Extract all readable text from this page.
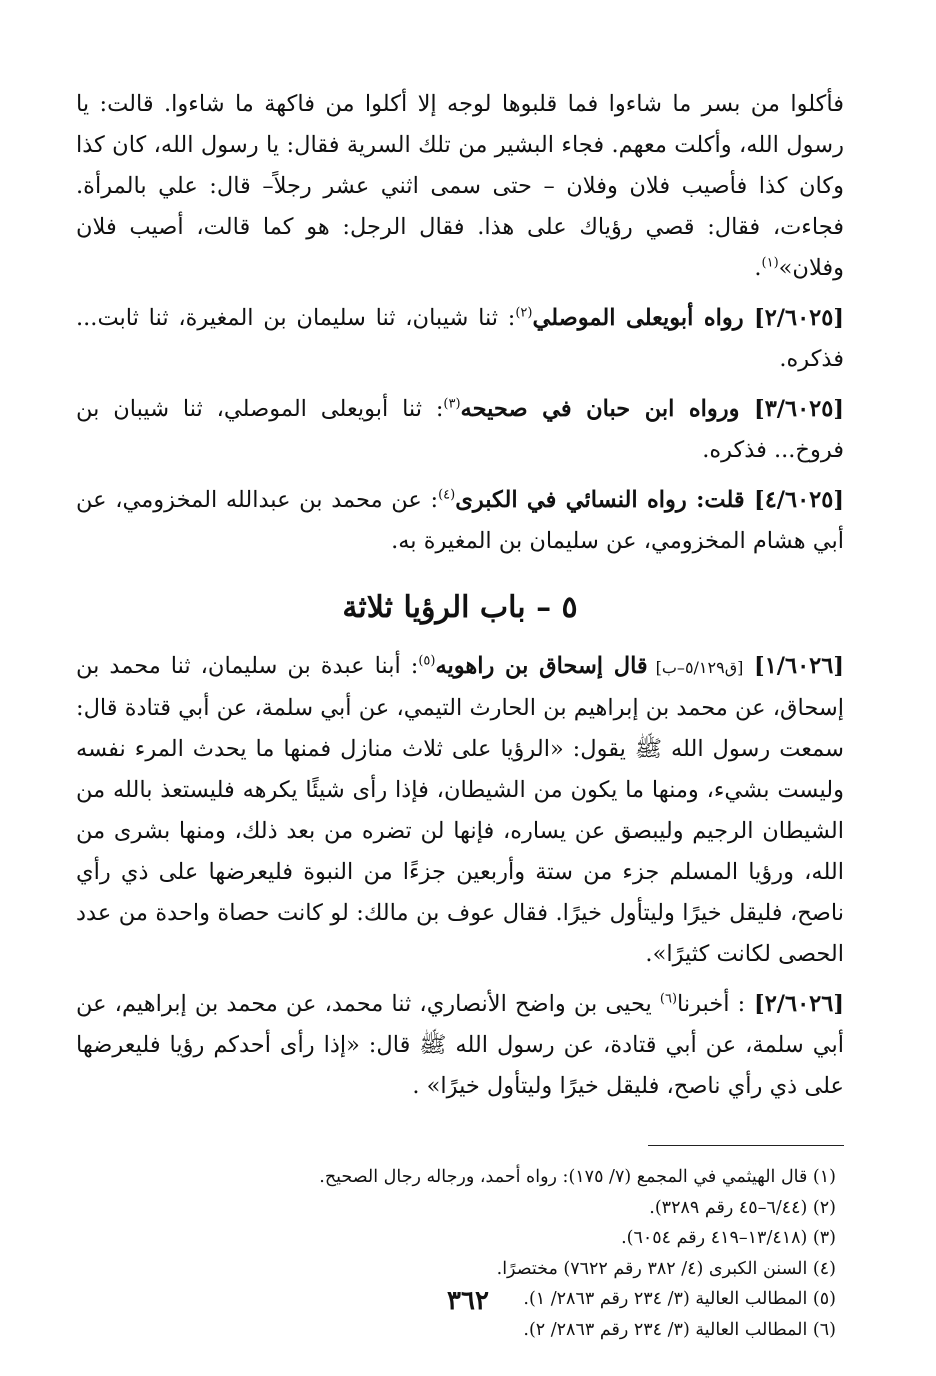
فأكلوا من بسر ما شاءوا فما قلبوها لوجه إلا أكلوا من فاكهة ما شاءوا. قالت: يا رسول الله، وأكلت معهم. فجاء البشير من تلك السرية فقال: يا رسول الله، كان كذا وكان كذا فأصيب فلان وفلان – حتى سمى اثني عشر رجلاً– قال: علي بالمرأة. فجاءت، فقال: قصي رؤياك على هذا. فقال الرجل: هو كما قالت، أصيب فلان وفلان»$^{(١)}$.

[٢/٦٠٢٥] رواه أبويعلى الموصلي$^{(٢)}$: ثنا شيبان، ثنا سليمان بن المغيرة، ثنا ثابت... فذكره.

[٣/٦٠٢٥] ورواه ابن حبان في صحيحه$^{(٣)}$: ثنا أبويعلى الموصلي، ثنا شيبان بن فروخ... فذكره.

[٤/٦٠٢٥] قلت: رواه النسائي في الكبرى$^{(٤)}$: عن محمد بن عبدالله المخزومي، عن أبي هشام المخزومي، عن سليمان بن المغيرة به.

٥ – باب الرؤيا ثلاثة

[١/٦٠٢٦] [ق٥/١٢٩–ب] قال إسحاق بن راهويه$^{(٥)}$: أبنا عبدة بن سليمان، ثنا محمد بن إسحاق، عن محمد بن إبراهيم بن الحارث التيمي، عن أبي سلمة، عن أبي قتادة قال: سمعت رسول الله ﷺ يقول: «الرؤيا على ثلاث منازل فمنها ما يحدث المرء نفسه وليست بشيء، ومنها ما يكون من الشيطان، فإذا رأى شيئًا يكرهه فليستعذ بالله من الشيطان الرجيم وليبصق عن يساره، فإنها لن تضره من بعد ذلك، ومنها بشرى من الله، ورؤيا المسلم جزء من ستة وأربعين جزءًا من النبوة فليعرضها على ذي رأي ناصح، فليقل خيرًا وليتأول خيرًا. فقال عوف بن مالك: لو كانت حصاة واحدة من عدد الحصى لكانت كثيرًا».

[٢/٦٠٢٦] : أخبرنا$^{(٦)}$ يحيى بن واضح الأنصاري، ثنا محمد، عن محمد بن إبراهيم، عن أبي سلمة، عن أبي قتادة، عن رسول الله ﷺ قال: «إذا رأى أحدكم رؤيا فليعرضها على ذي رأي ناصح، فليقل خيرًا وليتأول خيرًا» .

(١) قال الهيثمي في المجمع (٧/ ١٧٥): رواه أحمد، ورجاله رجال الصحيح.

(٢) (٦/٤٤–٤٥ رقم ٣٢٨٩).

(٣) (١٣/٤١٨–٤١٩ رقم ٦٠٥٤).

(٤) السنن الكبرى (٤/ ٣٨٢ رقم ٧٦٢٢) مختصرًا.

(٥) المطالب العالية (٣/ ٢٣٤ رقم ٢٨٦٣/ ١).

(٦) المطالب العالية (٣/ ٢٣٤ رقم ٢٨٦٣/ ٢).

٣٦٢
